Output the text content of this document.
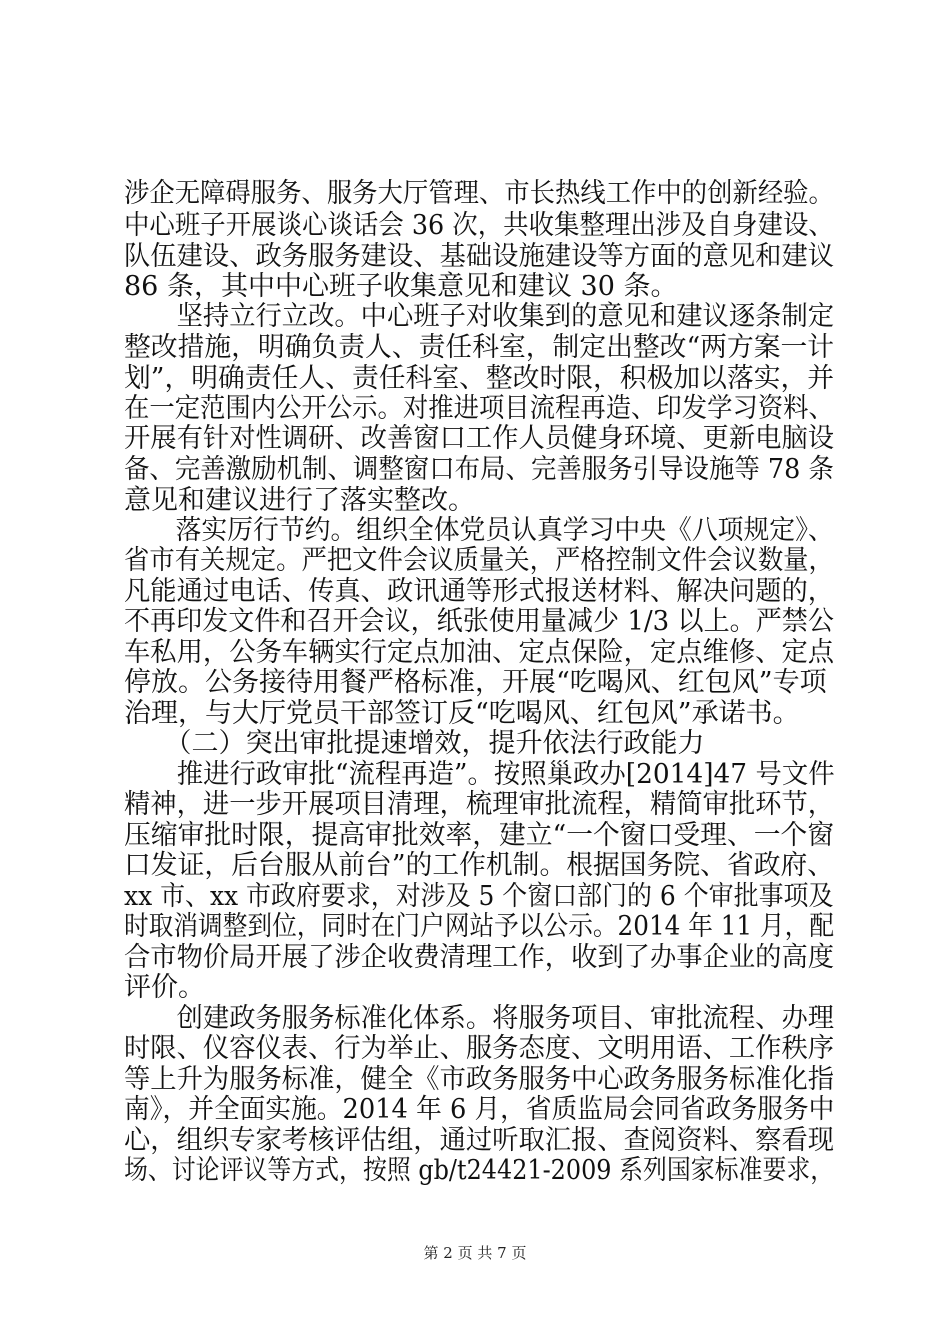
涉企无障碍服务、服务大厅管理、市长热线工作中的创新经验。
中心班子开展谈心谈话会 36 次，共收集整理出涉及自身建设、
队伍建设、政务服务建设、基础设施建设等方面的意见和建议
86 条，其中中心班子收集意见和建议 30 条。
　　坚持立行立改。中心班子对收集到的意见和建议逐条制定
整改措施，明确负责人、责任科室，制定出整改“两方案一计
划”，明确责任人、责任科室、整改时限，积极加以落实，并
在一定范围内公开公示。对推进项目流程再造、印发学习资料、
开展有针对性调研、改善窗口工作人员健身环境、更新电脑设
备、完善激励机制、调整窗口布局、完善服务引导设施等 78 条
意见和建议进行了落实整改。
　　落实厉行节约。组织全体党员认真学习中央《八项规定》、
省市有关规定。严把文件会议质量关，严格控制文件会议数量，
凡能通过电话、传真、政讯通等形式报送材料、解决问题的，
不再印发文件和召开会议，纸张使用量减少 1/3 以上。严禁公
车私用，公务车辆实行定点加油、定点保险，定点维修、定点
停放。公务接待用餐严格标准，开展“吃喝风、红包风”专项
治理，与大厅党员干部签订反“吃喝风、红包风”承诺书。
　　（二）突出审批提速增效，提升依法行政能力
　　推进行政审批“流程再造”。按照巢政办[2014]47 号文件
精神，进一步开展项目清理，梳理审批流程，精简审批环节，
压缩审批时限，提高审批效率，建立“一个窗口受理、一个窗
口发证，后台服从前台”的工作机制。根据国务院、省政府、
xx 市、xx 市政府要求，对涉及 5 个窗口部门的 6 个审批事项及
时取消调整到位，同时在门户网站予以公示。2014 年 11 月，配
合市物价局开展了涉企收费清理工作，收到了办事企业的高度
评价。
　　创建政务服务标准化体系。将服务项目、审批流程、办理
时限、仪容仪表、行为举止、服务态度、文明用语、工作秩序
等上升为服务标准，健全《市政务服务中心政务服务标准化指
南》，并全面实施。2014 年 6 月，省质监局会同省政务服务中
心，组织专家考核评估组，通过听取汇报、查阅资料、察看现
场、讨论评议等方式，按照 gb/t24421-2009 系列国家标准要求，
第 2 页 共 7 页
